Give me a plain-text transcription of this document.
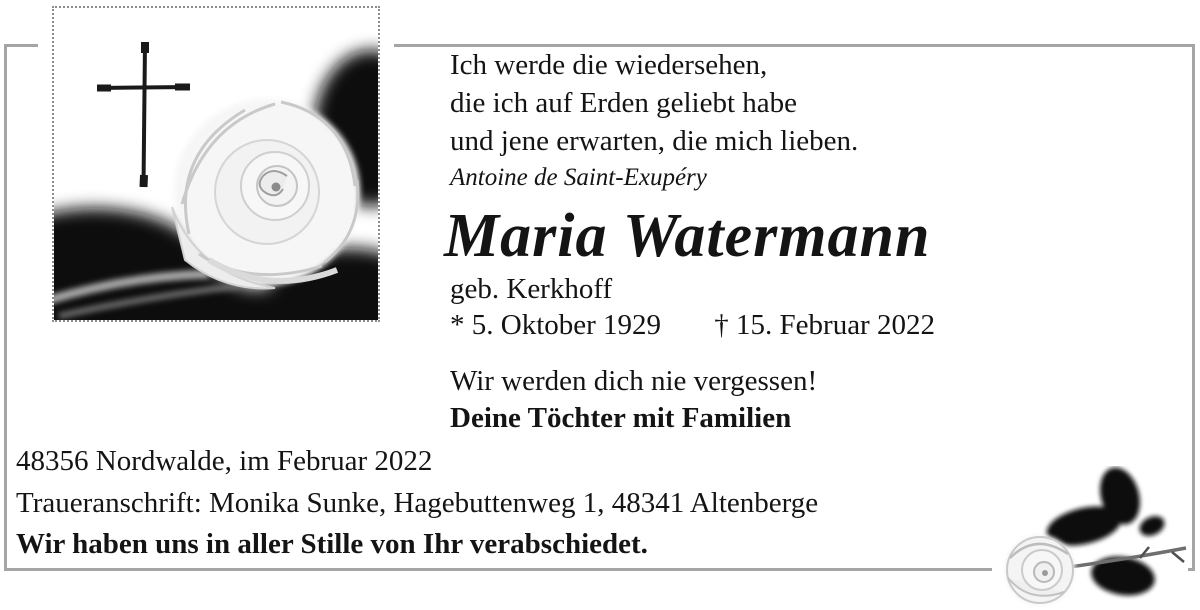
Ich werde die wiedersehen,
die ich auf Erden geliebt habe
und jene erwarten, die mich lieben.
Antoine de Saint-Exupéry
Maria Watermann
geb. Kerkhoff
* 5. Oktober 1929 † 15. Februar 2022
Wir werden dich nie vergessen!
Deine Töchter mit Familien
48356 Nordwalde, im Februar 2022
Traueranschrift: Monika Sunke, Hagebuttenweg 1, 48341 Altenberge
Wir haben uns in aller Stille von Ihr verabschiedet.
